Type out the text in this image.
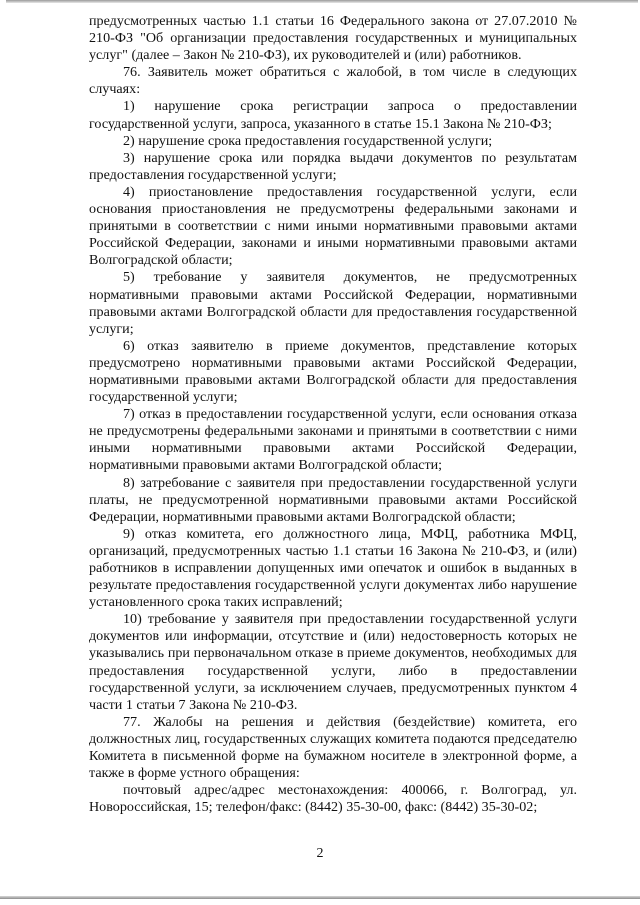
предусмотренных частью 1.1 статьи 16 Федерального закона от 27.07.2010 № 210-ФЗ "Об организации предоставления государственных и муниципальных услуг" (далее – Закон № 210-ФЗ), их руководителей и (или) работников.

76. Заявитель может обратиться с жалобой, в том числе в следующих случаях:

1) нарушение срока регистрации запроса о предоставлении государственной услуги, запроса, указанного в статье 15.1 Закона № 210-ФЗ;

2) нарушение срока предоставления государственной услуги;

3) нарушение срока или порядка выдачи документов по результатам предоставления государственной услуги;

4) приостановление предоставления государственной услуги, если основания приостановления не предусмотрены федеральными законами и принятыми в соответствии с ними иными нормативными правовыми актами Российской Федерации, законами и иными нормативными правовыми актами Волгоградской области;

5) требование у заявителя документов, не предусмотренных нормативными правовыми актами Российской Федерации, нормативными правовыми актами Волгоградской области для предоставления государственной услуги;

6) отказ заявителю в приеме документов, представление которых предусмотрено нормативными правовыми актами Российской Федерации, нормативными правовыми актами Волгоградской области для предоставления государственной услуги;

7) отказ в предоставлении государственной услуги, если основания отказа не предусмотрены федеральными законами и принятыми в соответствии с ними иными нормативными правовыми актами Российской Федерации, нормативными правовыми актами Волгоградской области;

8) затребование с заявителя при предоставлении государственной услуги платы, не предусмотренной нормативными правовыми актами Российской Федерации, нормативными правовыми актами Волгоградской области;

9) отказ комитета, его должностного лица, МФЦ, работника МФЦ, организаций, предусмотренных частью 1.1 статьи 16 Закона № 210-ФЗ, и (или) работников в исправлении допущенных ими опечаток и ошибок в выданных в результате предоставления государственной услуги документах либо нарушение установленного срока таких исправлений;

10) требование у заявителя при предоставлении государственной услуги документов или информации, отсутствие и (или) недостоверность которых не указывались при первоначальном отказе в приеме документов, необходимых для предоставления государственной услуги, либо в предоставлении государственной услуги, за исключением случаев, предусмотренных пунктом 4 части 1 статьи 7 Закона № 210-ФЗ.

77. Жалобы на решения и действия (бездействие) комитета, его должностных лиц, государственных служащих комитета подаются председателю Комитета в письменной форме на бумажном носителе в электронной форме, а также в форме устного обращения:

почтовый адрес/адрес местонахождения: 400066, г. Волгоград, ул. Новороссийская, 15; телефон/факс: (8442) 35-30-00, факс: (8442) 35-30-02;

2
